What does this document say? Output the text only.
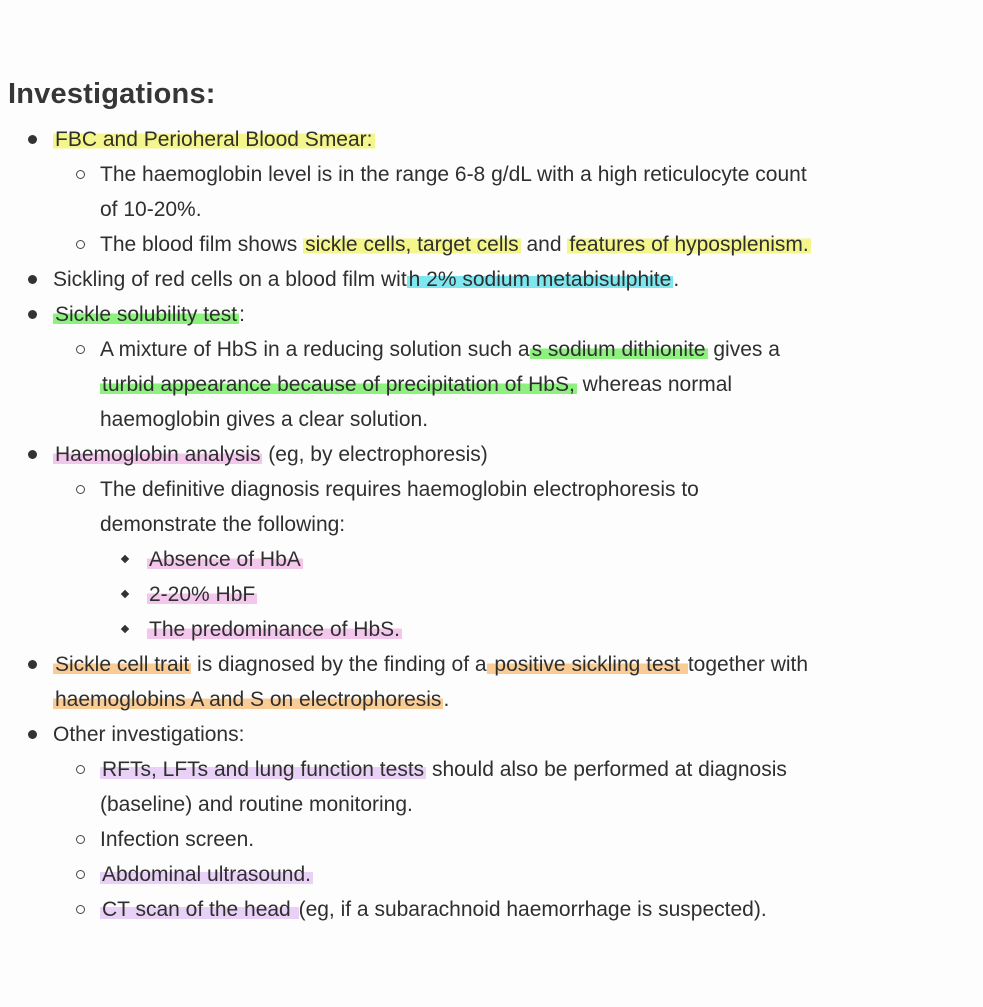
Investigations:
FBC and Perioheral Blood Smear:
The haemoglobin level is in the range 6-8 g/dL with a high reticulocyte count
of 10-20%.
The blood film shows sickle cells, target cells and features of hyposplenism.
Sickling of red cells on a blood film with 2% sodium metabisulphite.
Sickle solubility test:
A mixture of HbS in a reducing solution such as sodium dithionite gives a
turbid appearance because of precipitation of HbS, whereas normal
haemoglobin gives a clear solution.
Haemoglobin analysis (eg, by electrophoresis)
The definitive diagnosis requires haemoglobin electrophoresis to
demonstrate the following:
Absence of HbA
2-20% HbF
The predominance of HbS.
Sickle cell trait is diagnosed by the finding of a positive sickling test together with
haemoglobins A and S on electrophoresis.
Other investigations:
RFTs, LFTs and lung function tests should also be performed at diagnosis
(baseline) and routine monitoring.
Infection screen.
Abdominal ultrasound.
CT scan of the head (eg, if a subarachnoid haemorrhage is suspected).
